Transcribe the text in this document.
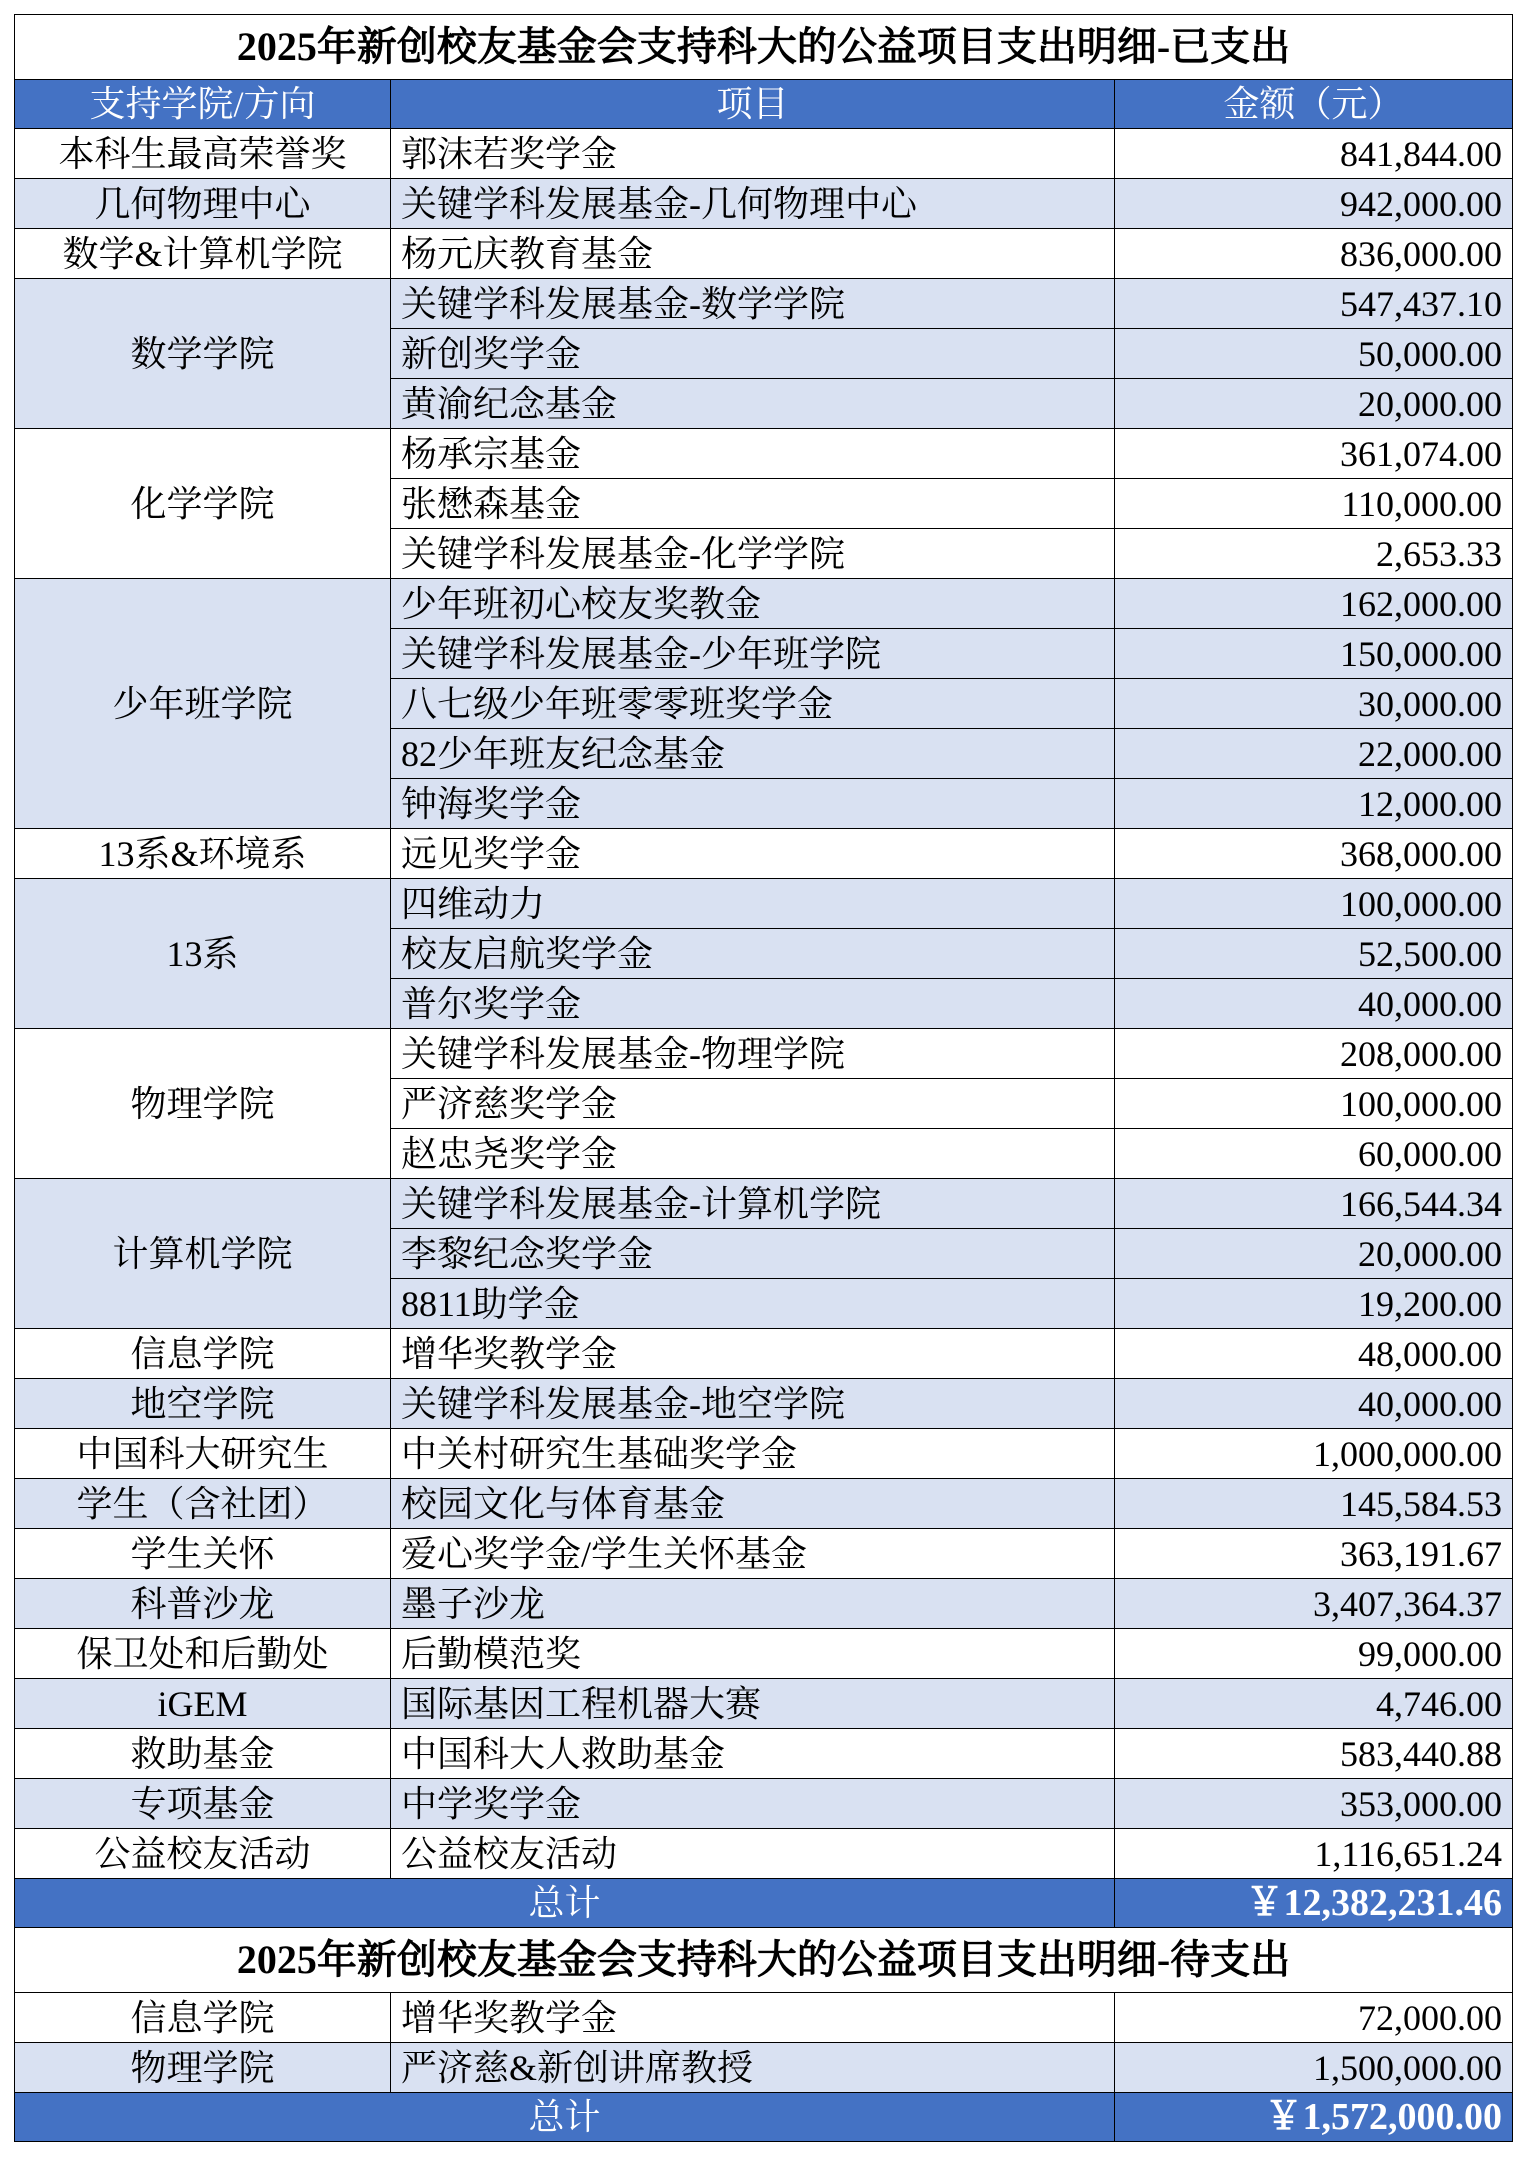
2025年新创校友基金会支持科大的公益项目支出明细-已支出		
支持学院/方向	项目	金额（元）
本科生最高荣誉奖	郭沫若奖学金	841,844.00
几何物理中心	关键学科发展基金-几何物理中心	942,000.00
数学&计算机学院	杨元庆教育基金	836,000.00
数学学院	关键学科发展基金-数学学院	547,437.10
	新创奖学金	50,000.00
	黄渝纪念基金	20,000.00
化学学院	杨承宗基金	361,074.00
	张懋森基金	110,000.00
	关键学科发展基金-化学学院	2,653.33
少年班学院	少年班初心校友奖教金	162,000.00
	关键学科发展基金-少年班学院	150,000.00
	八七级少年班零零班奖学金	30,000.00
	82少年班友纪念基金	22,000.00
	钟海奖学金	12,000.00
13系&环境系	远见奖学金	368,000.00
13系	四维动力	100,000.00
	校友启航奖学金	52,500.00
	普尔奖学金	40,000.00
物理学院	关键学科发展基金-物理学院	208,000.00
	严济慈奖学金	100,000.00
	赵忠尧奖学金	60,000.00
计算机学院	关键学科发展基金-计算机学院	166,544.34
	李黎纪念奖学金	20,000.00
	8811助学金	19,200.00
信息学院	增华奖教学金	48,000.00
地空学院	关键学科发展基金-地空学院	40,000.00
中国科大研究生	中关村研究生基础奖学金	1,000,000.00
学生（含社团）	校园文化与体育基金	145,584.53
学生关怀	爱心奖学金/学生关怀基金	363,191.67
科普沙龙	墨子沙龙	3,407,364.37
保卫处和后勤处	后勤模范奖	99,000.00
iGEM	国际基因工程机器大赛	4,746.00
救助基金	中国科大人救助基金	583,440.88
专项基金	中学奖学金	353,000.00
公益校友活动	公益校友活动	1,116,651.24
总计		￥12,382,231.46
2025年新创校友基金会支持科大的公益项目支出明细-待支出		
信息学院	增华奖教学金	72,000.00
物理学院	严济慈&新创讲席教授	1,500,000.00
总计		￥1,572,000.00
